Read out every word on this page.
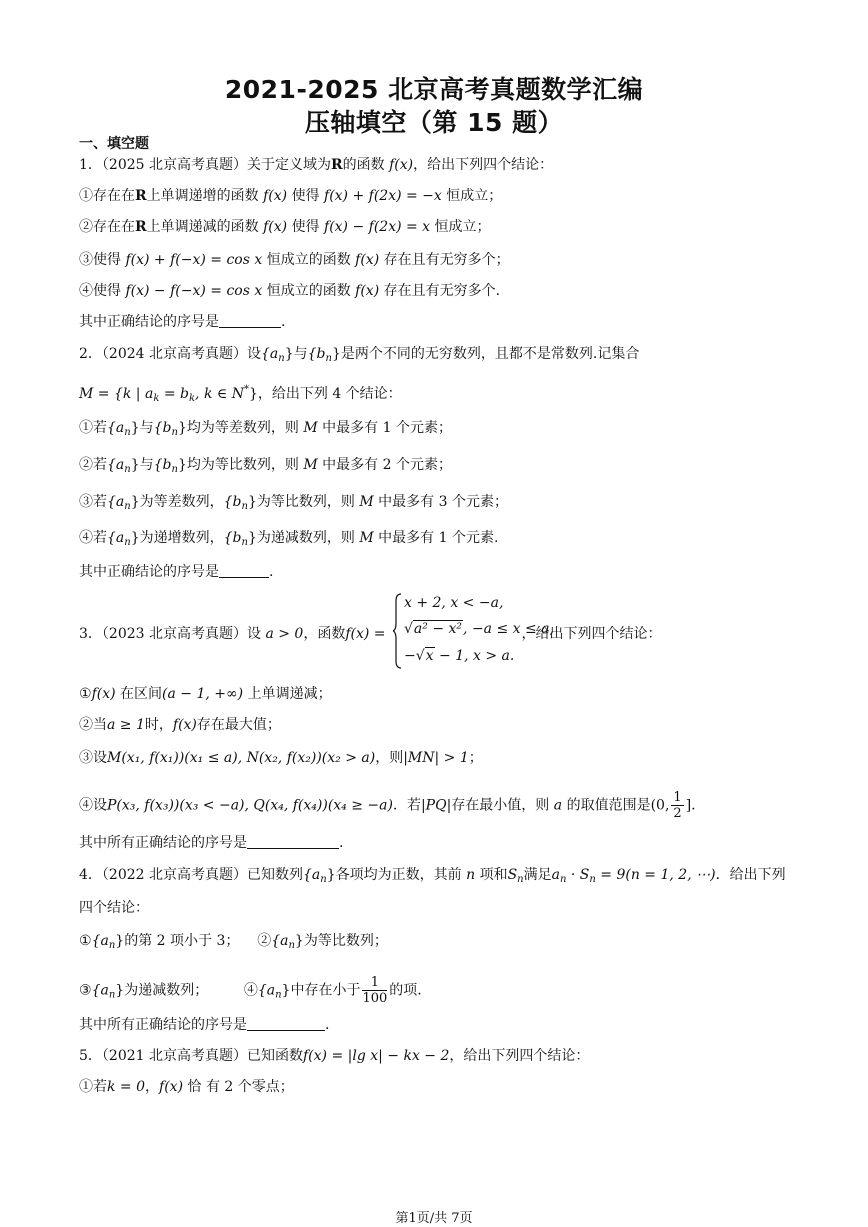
2021-2025 北京高考真题数学汇编
压轴填空（第 15 题）
一、填空题
1．（2025 北京高考真题）关于定义域为R的函数 f(x)，给出下列四个结论：
①存在在R上单调递增的函数 f(x) 使得 f(x) + f(2x) = −x 恒成立；
②存在在R上单调递减的函数 f(x) 使得 f(x) − f(2x) = x 恒成立；
③使得 f(x) + f(−x) = cos x 恒成立的函数 f(x) 存在且有无穷多个；
④使得 f(x) − f(−x) = cos x 恒成立的函数 f(x) 存在且有无穷多个.
其中正确结论的序号是	.
2．（2024 北京高考真题）设$\{a_n\}$与$\{b_n\}$是两个不同的无穷数列，且都不是常数列.记集合
M = {k | $a_k = b_k$, k ∈ N*}，给出下列 4 个结论：
①若$\{a_n\}$与$\{b_n\}$均为等差数列，则 M 中最多有 1 个元素；
②若$\{a_n\}$与$\{b_n\}$均为等比数列，则 M 中最多有 2 个元素；
③若$\{a_n\}$为等差数列，$\{b_n\}$为等比数列，则 M 中最多有 3 个元素；
④若$\{a_n\}$为递增数列，$\{b_n\}$为递减数列，则 M 中最多有 1 个元素.
其中正确结论的序号是	.
3．（2023 北京高考真题）设 a > 0，函数f(x) =	，给出下列四个结论：
x + 2, x < −a,
√a² − x², −a ≤ x ≤ a,
−√x − 1, x > a.
①f(x) 在区间(a − 1, +∞) 上单调递减；
②当a ≥ 1时，f(x)存在最大值；
③设M(x₁, f(x₁))(x₁ ≤ a), N(x₂, f(x₂))(x₂ > a)，则|MN| > 1；
④设P(x₃, f(x₃))(x₃ < −a), Q(x₄, f(x₄))(x₄ ≥ −a)．若|PQ|存在最小值，则 a 的取值范围是(0, $\frac{1}{2}$ ].
其中所有正确结论的序号是	.
4．（2022 北京高考真题）已知数列$\{a_n\}$各项均为正数，其前 n 项和$S_n$满足$a_n \cdot S_n = 9(n = 1$, 2, ⋯)．给出下列
四个结论：
$①\{a_n\}$的第 2 项小于 3； $②\{a_n\}$为等比数列；
$③\{a_n\}$为递减数列；	$④\{a_n\}$中存在小于 $\frac{1}{100}$ 的项.
其中所有正确结论的序号是	.
5．（2021 北京高考真题）已知函数f(x) = |lg x| − kx − 2，给出下列四个结论：
①若k = 0，f(x) 恰 有 2 个零点；
第1页/共 7页
